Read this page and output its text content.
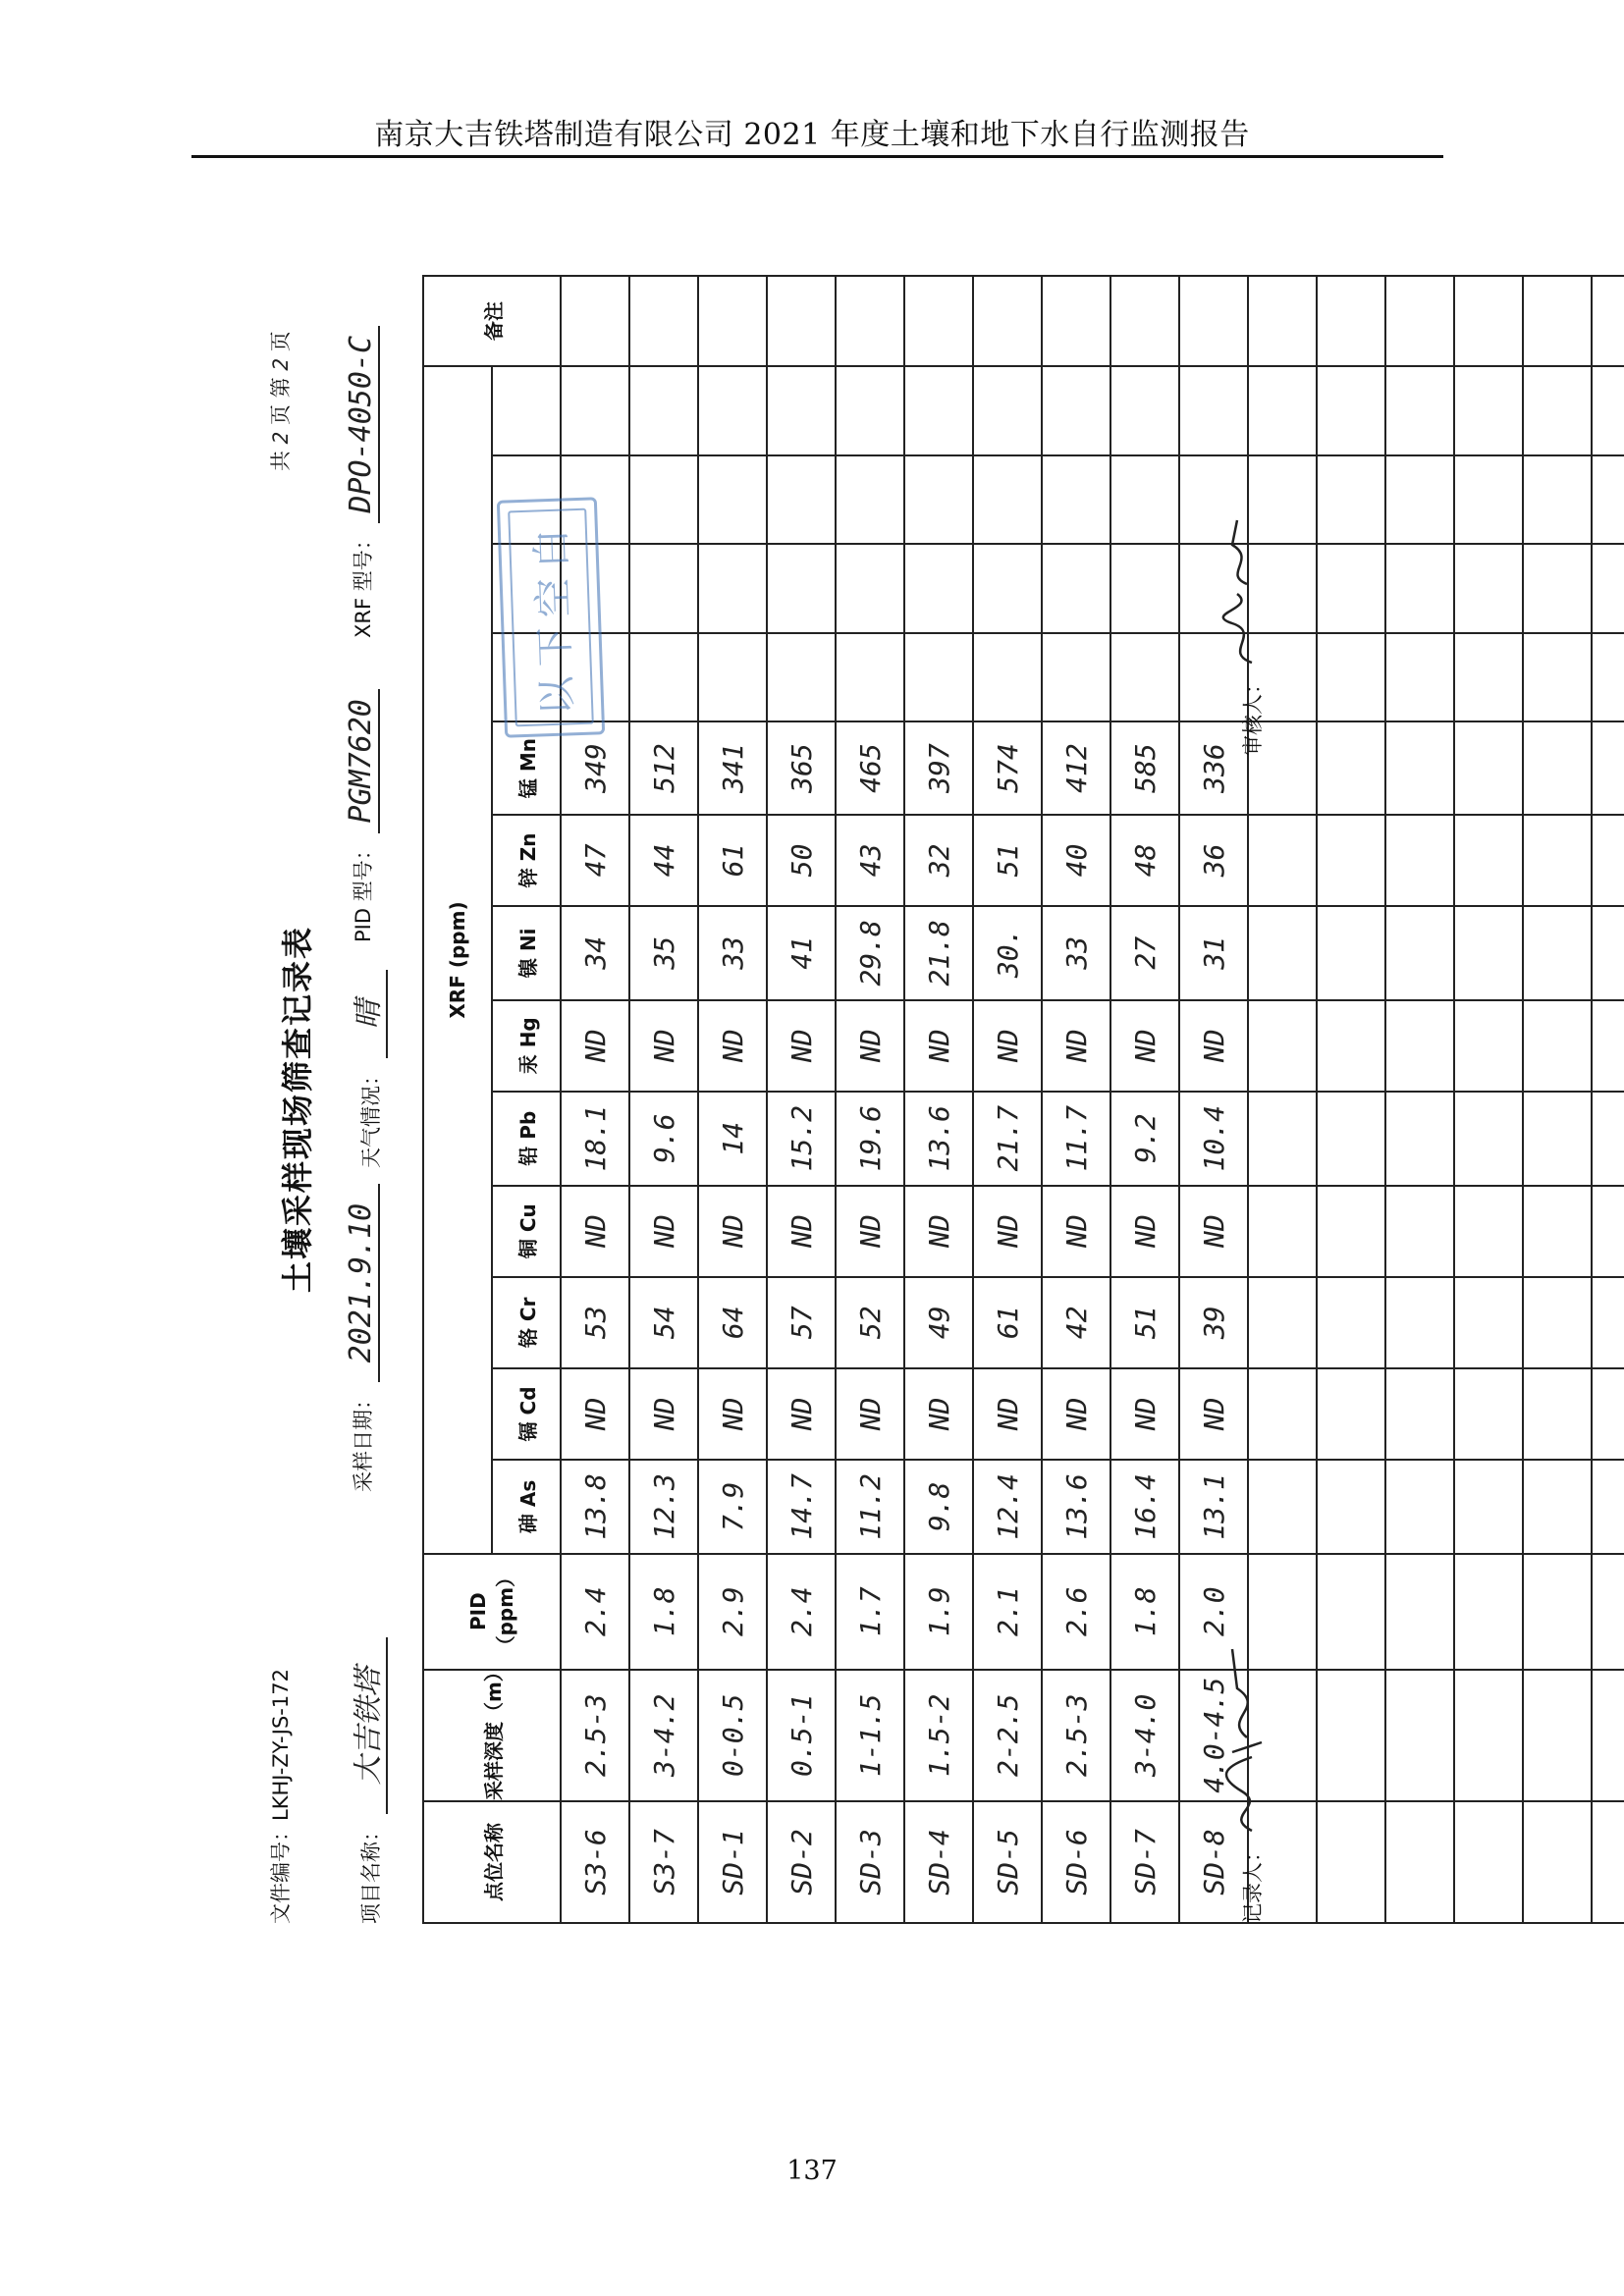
南京大吉铁塔制造有限公司 2021 年度土壤和地下水自行监测报告
文件编号：LKHJ-ZY-JS-172
共 2 页 第 2 页
土壤采样现场筛查记录表
项目名称： 大吉铁塔
采样日期： 2021.9.10
天气情况： 晴
PID 型号： PGM7620
XRF 型号： DPO-4050-C
点位名称	采样深度（m）	PID（ppm）	XRF (ppm)													备注
			砷 As	镉 Cd	铬 Cr	铜 Cu	铅 Pb	汞 Hg	镍 Ni	锌 Zn	锰 Mn					
S3-6	2.5-3	2.4	13.8	ND	53	ND	18.1	ND	34	47	349					
S3-7	3-4.2	1.8	12.3	ND	54	ND	9.6	ND	35	44	512					
SD-1	0-0.5	2.9	7.9	ND	64	ND	14	ND	33	61	341					
SD-2	0.5-1	2.4	14.7	ND	57	ND	15.2	ND	41	50	365					
SD-3	1-1.5	1.7	11.2	ND	52	ND	19.6	ND	29.8	43	465					
SD-4	1.5-2	1.9	9.8	ND	49	ND	13.6	ND	21.8	32	397					
SD-5	2-2.5	2.1	12.4	ND	61	ND	21.7	ND	30.	51	574					
SD-6	2.5-3	2.6	13.6	ND	42	ND	11.7	ND	33	40	412					
SD-7	3-4.0	1.8	16.4	ND	51	ND	9.2	ND	27	48	585					
SD-8	4.0-4.5	2.0	13.1	ND	39	ND	10.4	ND	31	36	336					

以下空白
记录人：
审核人：
137
